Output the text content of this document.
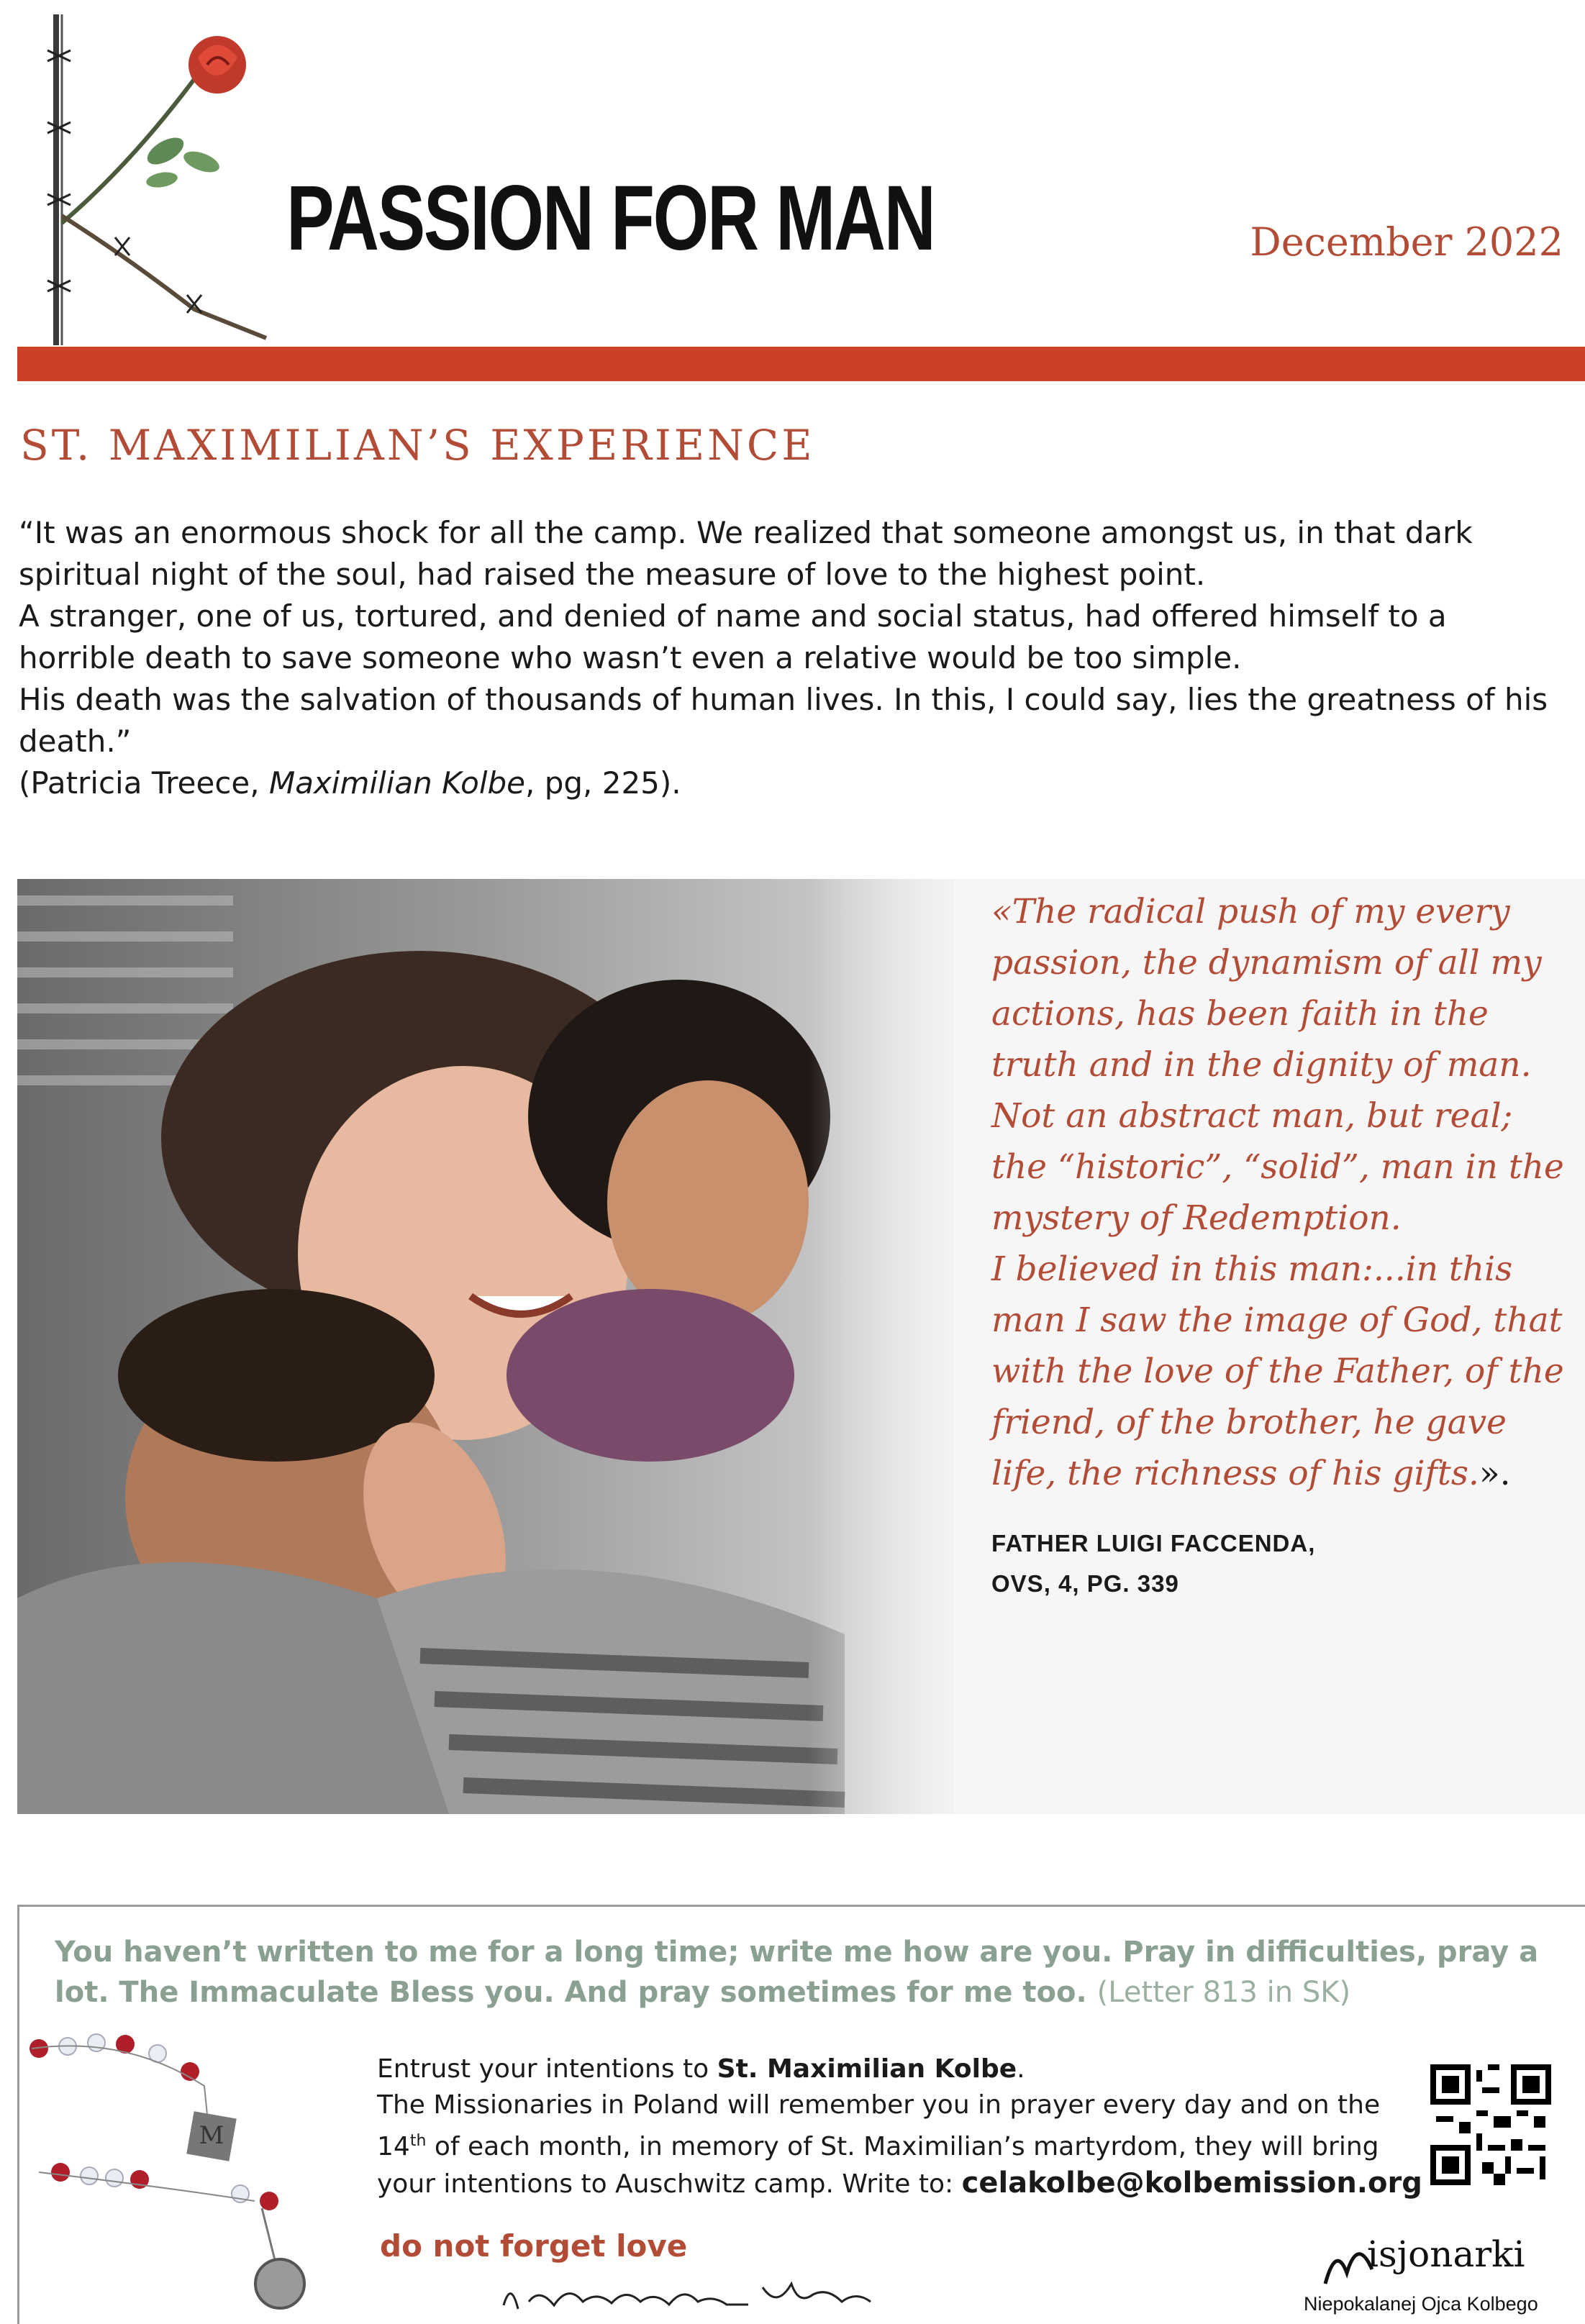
PASSION FOR MAN	December 2022
ST. MAXIMILIAN’S EXPERIENCE

“It was an enormous shock for all the camp. We realized that someone amongst us, in that dark spiritual night of the soul, had raised the measure of love to the highest point.

A stranger, one of us, tortured, and denied of name and social status, had offered himself to a horrible death to save someone who wasn’t even a relative would be too simple.

His death was the salvation of thousands of human lives. In this, I could say, lies the greatness of his death.”

(Patricia Treece, Maximilian Kolbe, pg, 225).

«The radical push of my every passion, the dynamism of all my actions, has been faith in the truth and in the dignity of man. Not an abstract man, but real; the “historic”, “solid”, man in the mystery of Redemption.

I believed in this man:...in this man I saw the image of God, that with the love of the Father, of the friend, of the brother, he gave life, the richness of his gifts.».

FATHER LUIGI FACCENDA,
OVS, 4, PG. 339
You haven’t written to me for a long time; write me how are you. Pray in difficulties, pray a lot. The Immaculate Bless you. And pray sometimes for me too. (Letter 813 in SK)
M

Entrust your intentions to St. Maximilian Kolbe.

The Missionaries in Poland will remember you in prayer every day and on the

14th of each month, in memory of St. Maximilian’s martyrdom, they will bring

your intentions to Auschwitz camp. Write to: celakolbe@kolbemission.org

do not forget love	isjonarki
Niepokalanej Ojca Kolbego
